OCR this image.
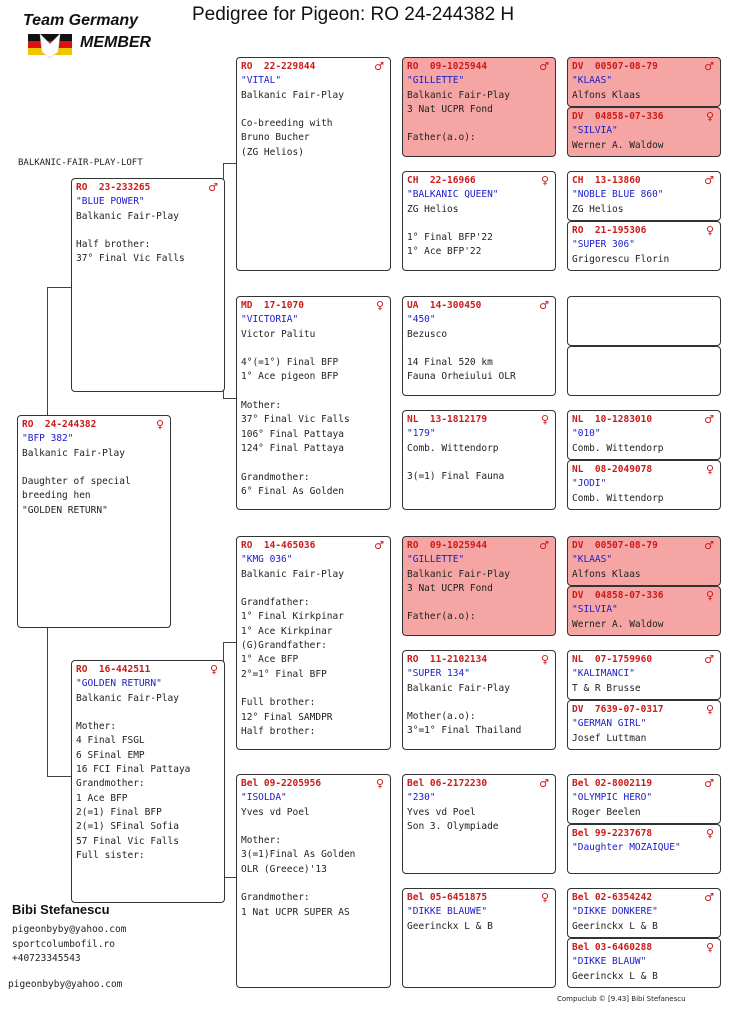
Pedigree for Pigeon: RO 24-244382 H
Team Germany
MEMBER
BALKANIC-FAIR-PLAY-LOFT
RO  24-244382	♀
"BFP 382"
Balkanic Fair-Play
Daughter of special
breeding hen
"GOLDEN RETURN"
RO  23-233265	♂
"BLUE POWER"
Balkanic Fair-Play
Half brother:
37° Final Vic Falls
RO  16-442511	♀
"GOLDEN RETURN"
Balkanic Fair-Play
Mother:
4 Final FSGL
6 SFinal EMP
16 FCI Final Pattaya
Grandmother:
1 Ace BFP
2(=1) Final BFP
2(=1) SFinal Sofia
57 Final Vic Falls
Full sister:
RO  22-229844	♂
"VITAL"
Balkanic Fair-Play
Co-breeding with
Bruno Bucher
(ZG Helios)
MD  17-1070	♀
"VICTORIA"
Victor Palitu
4°(=1°) Final BFP
1° Ace pigeon BFP
Mother:
37° Final Vic Falls
106° Final Pattaya
124° Final Pattaya
Grandmother:
6° Final As Golden
RO  14-465036	♂
"KMG 036"
Balkanic Fair-Play
Grandfather:
1° Final Kirkpinar
1° Ace Kirkpinar
(G)Grandfather:
1° Ace BFP
2°=1° Final BFP
Full brother:
12° Final SAMDPR
Half brother:
Bel 09-2205956	♀
"ISOLDA"
Yves vd Poel
Mother:
3(=1)Final As Golden
OLR (Greece)'13
Grandmother:
1 Nat UCPR SUPER AS
RO  09-1025944	♂
"GILLETTE"
Balkanic Fair-Play
3 Nat UCPR Fond
Father(a.o):
CH  22-16966	♀
"BALKANIC QUEEN"
ZG Helios
1° Final BFP'22
1° Ace BFP'22
UA  14-300450	♂
"450"
Bezusco
14 Final 520 km
Fauna Orheiului OLR
NL  13-1812179	♀
"179"
Comb. Wittendorp
3(=1) Final Fauna
RO  09-1025944	♂
"GILLETTE"
Balkanic Fair-Play
3 Nat UCPR Fond
Father(a.o):
RO  11-2102134	♀
"SUPER 134"
Balkanic Fair-Play
Mother(a.o):
3°=1° Final Thailand
Bel 06-2172230	♂
"230"
Yves vd Poel
Son 3. Olympiade
Bel 05-6451875	♀
"DIKKE BLAUWE"
Geerinckx L & B
DV  00507-08-79	♂
"KLAAS"
Alfons Klaas
DV  04858-07-336	♀
"SILVIA"
Werner A. Waldow
CH  13-13860	♂
"NOBLE BLUE 860"
ZG Helios
RO  21-195306	♀
"SUPER 306"
Grigorescu Florin
NL  10-1283010	♂
"010"
Comb. Wittendorp
NL  08-2049078	♀
"JODI"
Comb. Wittendorp
DV  00507-08-79	♂
"KLAAS"
Alfons Klaas
DV  04858-07-336	♀
"SILVIA"
Werner A. Waldow
NL  07-1759960	♂
"KALIMANCI"
T & R Brusse
DV  7639-07-0317	♀
"GERMAN GIRL"
Josef Luttman
Bel 02-8002119	♂
"OLYMPIC HERO"
Roger Beelen
Bel 99-2237678	♀
"Daughter MOZAIQUE"
Bel 02-6354242	♂
"DIKKE DONKERE"
Geerinckx L & B
Bel 03-6460288	♀
"DIKKE BLAUW"
Geerinckx L & B
Bibi Stefanescu
pigeonbyby@yahoo.com
sportcolumbofil.ro
+40723345543
pigeonbyby@yahoo.com
Compuclub © [9.43] Bibi Stefanescu
